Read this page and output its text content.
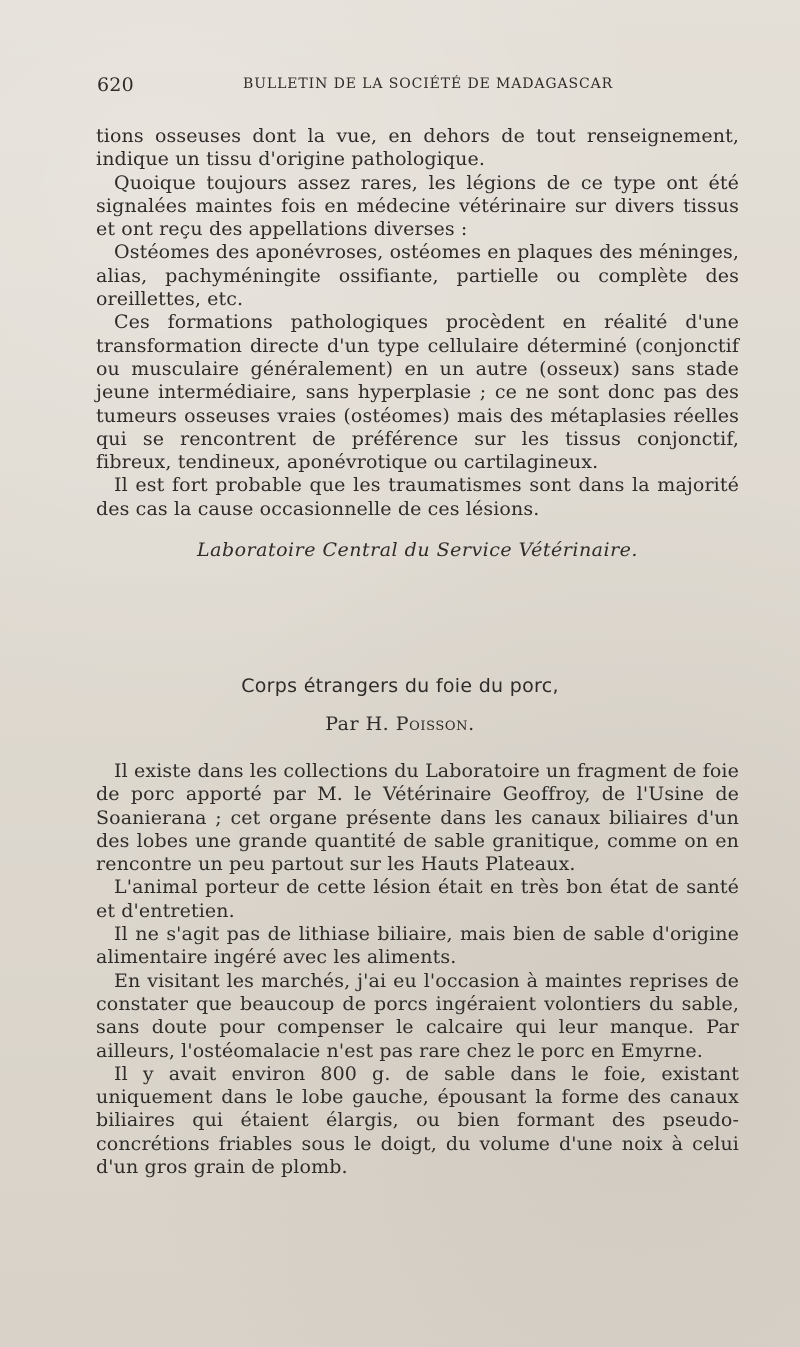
620	BULLETIN DE LA SOCIÉTÉ DE MADAGASCAR

tions osseuses dont la vue, en dehors de tout renseignement, indique un tissu d'origine pathologique.

Quoique toujours assez rares, les légions de ce type ont été signalées maintes fois en médecine vétérinaire sur divers tissus et ont reçu des appellations diverses :

Ostéomes des aponévroses, ostéomes en plaques des méninges, alias, pachyméningite ossifiante, partielle ou complète des oreillettes, etc.

Ces formations pathologiques procèdent en réalité d'une transformation directe d'un type cellulaire déterminé (conjonctif ou musculaire généralement) en un autre (osseux) sans stade jeune intermédiaire, sans hyperplasie ; ce ne sont donc pas des tumeurs osseuses vraies (ostéomes) mais des métaplasies réelles qui se rencontrent de préférence sur les tissus conjonctif, fibreux, tendineux, aponévrotique ou cartilagineux.

Il est fort probable que les traumatismes sont dans la majorité des cas la cause occasionnelle de ces lésions.

Laboratoire Central du Service Vétérinaire.
Corps étrangers du foie du porc,
Par H. Poisson.

Il existe dans les collections du Laboratoire un fragment de foie de porc apporté par M. le Vétérinaire Geoffroy, de l'Usine de Soanierana ; cet organe présente dans les canaux biliaires d'un des lobes une grande quantité de sable granitique, comme on en rencontre un peu partout sur les Hauts Plateaux.

L'animal porteur de cette lésion était en très bon état de santé et d'entretien.

Il ne s'agit pas de lithiase biliaire, mais bien de sable d'origine alimentaire ingéré avec les aliments.

En visitant les marchés, j'ai eu l'occasion à maintes reprises de constater que beaucoup de porcs ingéraient volontiers du sable, sans doute pour compenser le calcaire qui leur manque. Par ailleurs, l'ostéomalacie n'est pas rare chez le porc en Emyrne.

Il y avait environ 800 g. de sable dans le foie, existant uniquement dans le lobe gauche, épousant la forme des canaux biliaires qui étaient élargis, ou bien formant des pseudo-concrétions friables sous le doigt, du volume d'une noix à celui d'un gros grain de plomb.
